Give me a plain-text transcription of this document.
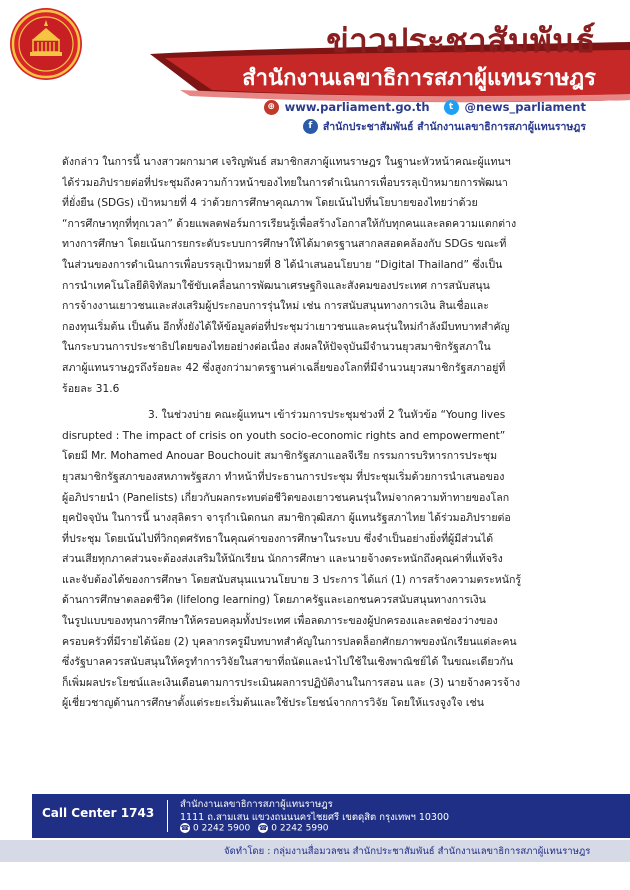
ข่าวประชาสัมพันธ์
สำนักงานเลขาธิการสภาผู้แทนราษฎร
⊕ www.parliament.go.th	t @news_parliament
f	สำนักประชาสัมพันธ์ สำนักงานเลขาธิการสภาผู้แทนราษฎร
ดังกล่าว ในการนี้ นางสาวผกามาศ เจริญพันธ์ สมาชิกสภาผู้แทนราษฎร ในฐานะหัวหน้าคณะผู้แทนฯ
ได้ร่วมอภิปรายต่อที่ประชุมถึงความก้าวหน้าของไทยในการดำเนินการเพื่อบรรลุเป้าหมายการพัฒนา
ที่ยั่งยืน (SDGs) เป้าหมายที่ 4 ว่าด้วยการศึกษาคุณภาพ โดยเน้นไปที่นโยบายของไทยว่าด้วย
“การศึกษาทุกที่ทุกเวลา” ด้วยแพลตฟอร์มการเรียนรู้เพื่อสร้างโอกาสให้กับทุกคนและลดความแตกต่าง
ทางการศึกษา โดยเน้นการยกระดับระบบการศึกษาให้ได้มาตรฐานสากลสอดคล้องกับ SDGs ขณะที่
ในส่วนของการดำเนินการเพื่อบรรลุเป้าหมายที่ 8 ได้นำเสนอนโยบาย “Digital Thailand” ซึ่งเป็น
การนำเทคโนโลยีดิจิทัลมาใช้ขับเคลื่อนการพัฒนาเศรษฐกิจและสังคมของประเทศ การสนับสนุน
การจ้างงานเยาวชนและส่งเสริมผู้ประกอบการรุ่นใหม่ เช่น การสนับสนุนทางการเงิน สินเชื่อและ
กองทุนเริ่มต้น เป็นต้น อีกทั้งยังได้ให้ข้อมูลต่อที่ประชุมว่าเยาวชนและคนรุ่นใหม่กำลังมีบทบาทสำคัญ
ในกระบวนการประชาธิปไตยของไทยอย่างต่อเนื่อง ส่งผลให้ปัจจุบันมีจำนวนยุวสมาชิกรัฐสภาใน
สภาผู้แทนราษฎรถึงร้อยละ 42 ซึ่งสูงกว่ามาตรฐานค่าเฉลี่ยของโลกที่มีจำนวนยุวสมาชิกรัฐสภาอยู่ที่
ร้อยละ 31.6
3. ในช่วงบ่าย คณะผู้แทนฯ เข้าร่วมการประชุมช่วงที่ 2 ในหัวข้อ “Young lives
disrupted : The impact of crisis on youth socio-economic rights and empowerment”
โดยมี Mr. Mohamed Anouar Bouchouit สมาชิกรัฐสภาแอลจีเรีย กรรมการบริหารการประชุม
ยุวสมาชิกรัฐสภาของสหภาพรัฐสภา ทำหน้าที่ประธานการประชุม ที่ประชุมเริ่มด้วยการนำเสนอของ
ผู้อภิปรายนำ (Panelists) เกี่ยวกับผลกระทบต่อชีวิตของเยาวชนคนรุ่นใหม่จากความท้าทายของโลก
ยุคปัจจุบัน ในการนี้ นางสุลิตรา จารุกำเนิดกนก สมาชิกวุฒิสภา ผู้แทนรัฐสภาไทย ได้ร่วมอภิปรายต่อ
ที่ประชุม โดยเน้นไปที่วิกฤตศรัทธาในคุณค่าของการศึกษาในระบบ ซึ่งจำเป็นอย่างยิ่งที่ผู้มีส่วนได้
ส่วนเสียทุกภาคส่วนจะต้องส่งเสริมให้นักเรียน นักการศึกษา และนายจ้างตระหนักถึงคุณค่าที่แท้จริง
และจับต้องได้ของการศึกษา โดยสนับสนุนแนวนโยบาย 3 ประการ ได้แก่ (1) การสร้างความตระหนักรู้
ด้านการศึกษาตลอดชีวิต (lifelong learning) โดยภาครัฐและเอกชนควรสนับสนุนทางการเงิน
ในรูปแบบของทุนการศึกษาให้ครอบคลุมทั้งประเทศ เพื่อลดภาระของผู้ปกครองและลดช่องว่างของ
ครอบครัวที่มีรายได้น้อย (2) บุคลากรครูมีบทบาทสำคัญในการปลดล็อกศักยภาพของนักเรียนแต่ละคน
ซึ่งรัฐบาลควรสนับสนุนให้ครูทำการวิจัยในสาขาที่ถนัดและนำไปใช้ในเชิงพาณิชย์ได้ ในขณะเดียวกัน
ก็เพิ่มผลประโยชน์และเงินเดือนตามการประเมินผลการปฏิบัติงานในการสอน และ (3) นายจ้างควรจ้าง
ผู้เชี่ยวชาญด้านการศึกษาตั้งแต่ระยะเริ่มต้นและใช้ประโยชน์จากการวิจัย โดยให้แรงจูงใจ เช่น
Call Center 1743
สำนักงานเลขาธิการสภาผู้แทนราษฎร
1111 ถ.สามเสน แขวงถนนนครไชยศรี เขตดุสิต กรุงเทพฯ 10300
☎ 0 2242 5900 ☎ 0 2242 5990
จัดทำโดย : กลุ่มงานสื่อมวลชน สำนักประชาสัมพันธ์ สำนักงานเลขาธิการสภาผู้แทนราษฎร
